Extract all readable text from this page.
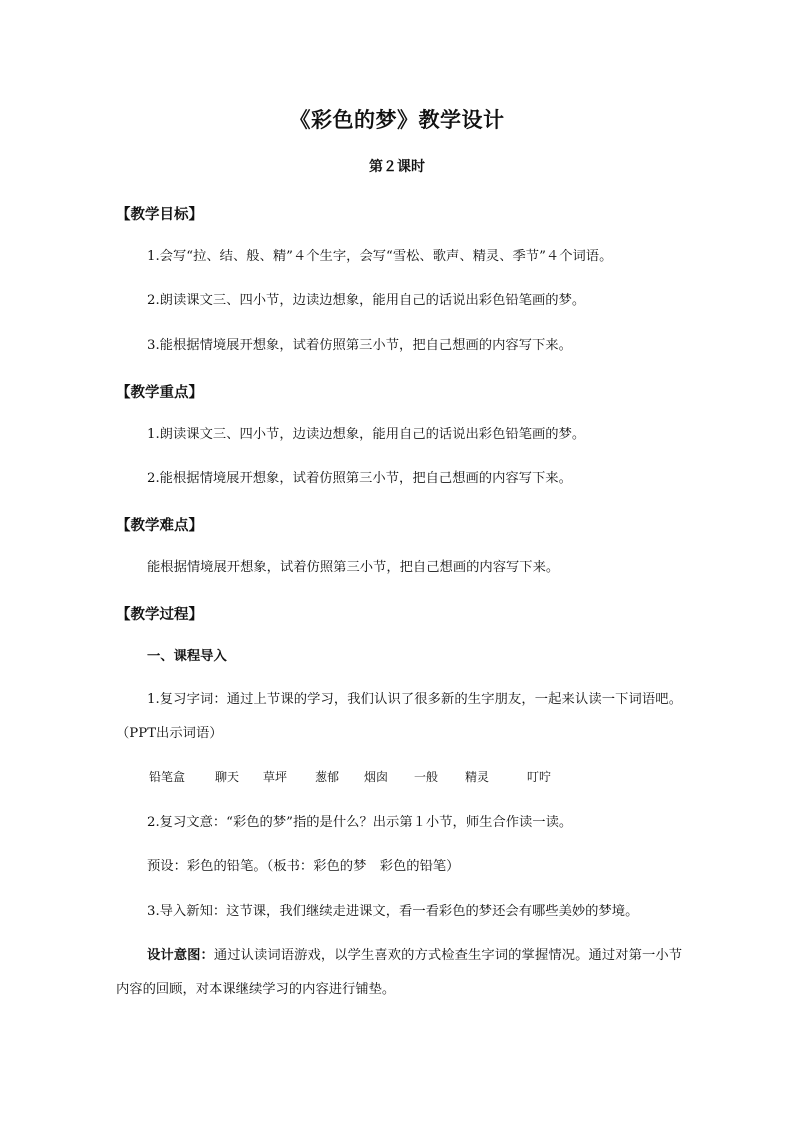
《彩色的梦》教学设计
第２课时
【教学目标】
1.会写“拉、结、般、精”４个生字，会写“雪松、歌声、精灵、季节”４个词语。
2.朗读课文三、四小节，边读边想象，能用自己的话说出彩色铅笔画的梦。
3.能根据情境展开想象，试着仿照第三小节，把自己想画的内容写下来。
【教学重点】
1.朗读课文三、四小节，边读边想象，能用自己的话说出彩色铅笔画的梦。
2.能根据情境展开想象，试着仿照第三小节，把自己想画的内容写下来。
【教学难点】
能根据情境展开想象，试着仿照第三小节，把自己想画的内容写下来。
【教学过程】
一、课程导入
1.复习字词：通过上节课的学习，我们认识了很多新的生字朋友，一起来认读一下词语吧。（PPT出示词语）
铅笔盒	聊天	草坪	葱郁	烟囱	一般	精灵	叮咛
2.复习文意：“彩色的梦”指的是什么？出示第１小节，师生合作读一读。
预设：彩色的铅笔。（板书：彩色的梦　彩色的铅笔）
3.导入新知：这节课，我们继续走进课文，看一看彩色的梦还会有哪些美妙的梦境。
设计意图：通过认读词语游戏，以学生喜欢的方式检查生字词的掌握情况。通过对第一小节内容的回顾，对本课继续学习的内容进行铺垫。
